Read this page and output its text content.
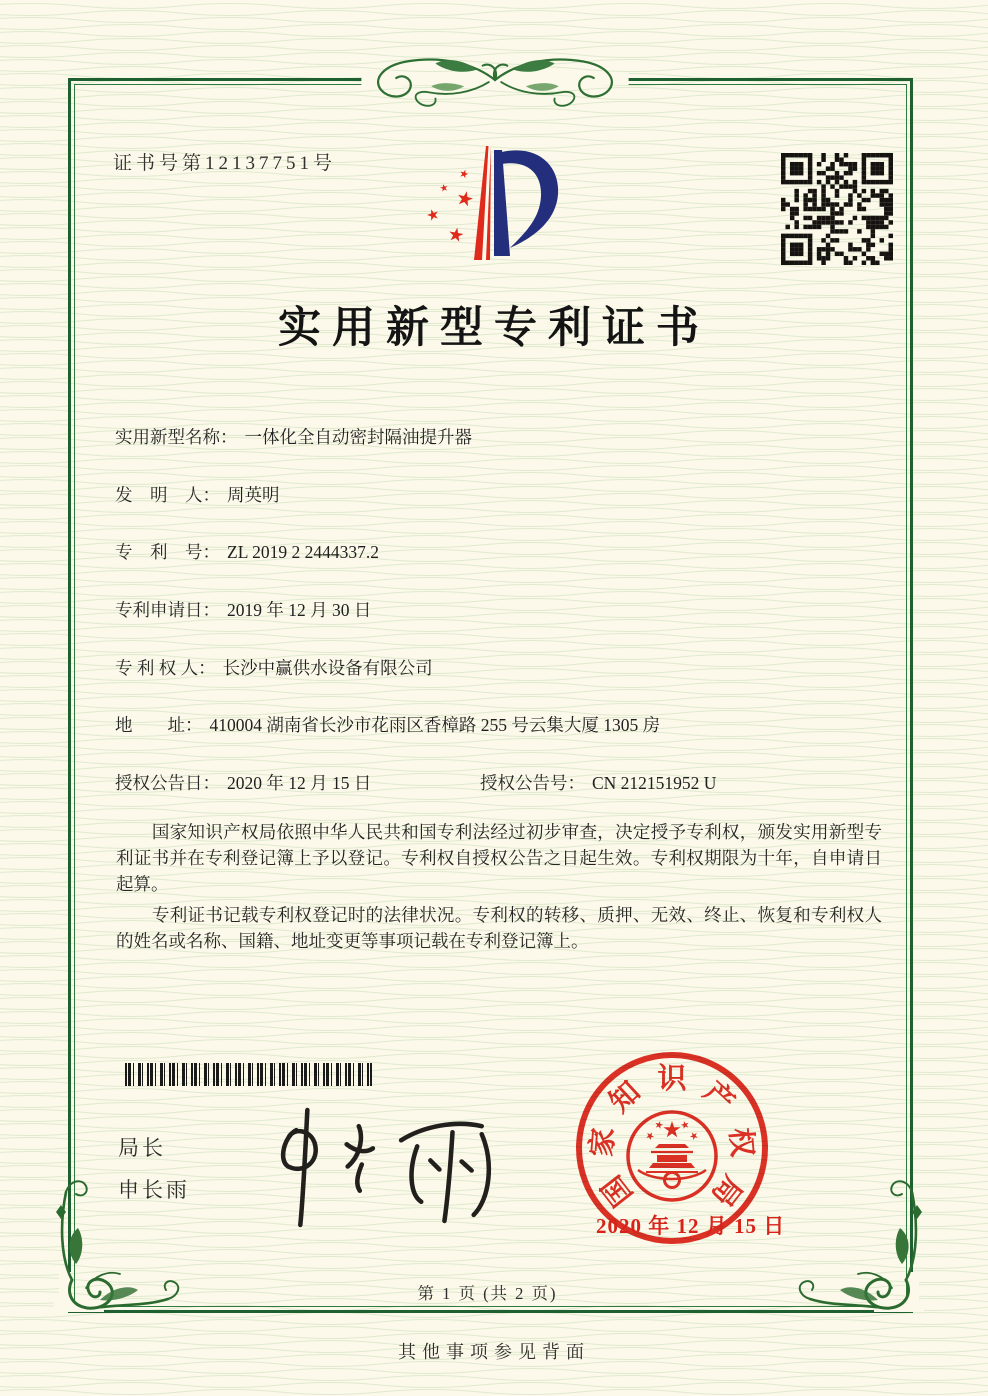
证书号第12137751号
实用新型专利证书
实用新型名称： 一体化全自动密封隔油提升器
发　明　人： 周英明
专　利　号： ZL 2019 2 2444337.2
专利申请日： 2019 年 12 月 30 日
专 利 权 人： 长沙中赢供水设备有限公司
地　　址： 410004 湖南省长沙市花雨区香樟路 255 号云集大厦 1305 房
授权公告日： 2020 年 12 月 15 日	授权公告号： CN 212151952 U

国家知识产权局依照中华人民共和国专利法经过初步审查，决定授予专利权，颁发实用新型专利证书并在专利登记簿上予以登记。专利权自授权公告之日起生效。专利权期限为十年，自申请日起算。

专利证书记载专利权登记时的法律状况。专利权的转移、质押、无效、终止、恢复和专利权人的姓名或名称、国籍、地址变更等事项记载在专利登记簿上。

局长
申长雨	国
家
知 识 产
权
局
2020 年 12 月 15 日
第 1 页 (共 2 页)
其他事项参见背面
